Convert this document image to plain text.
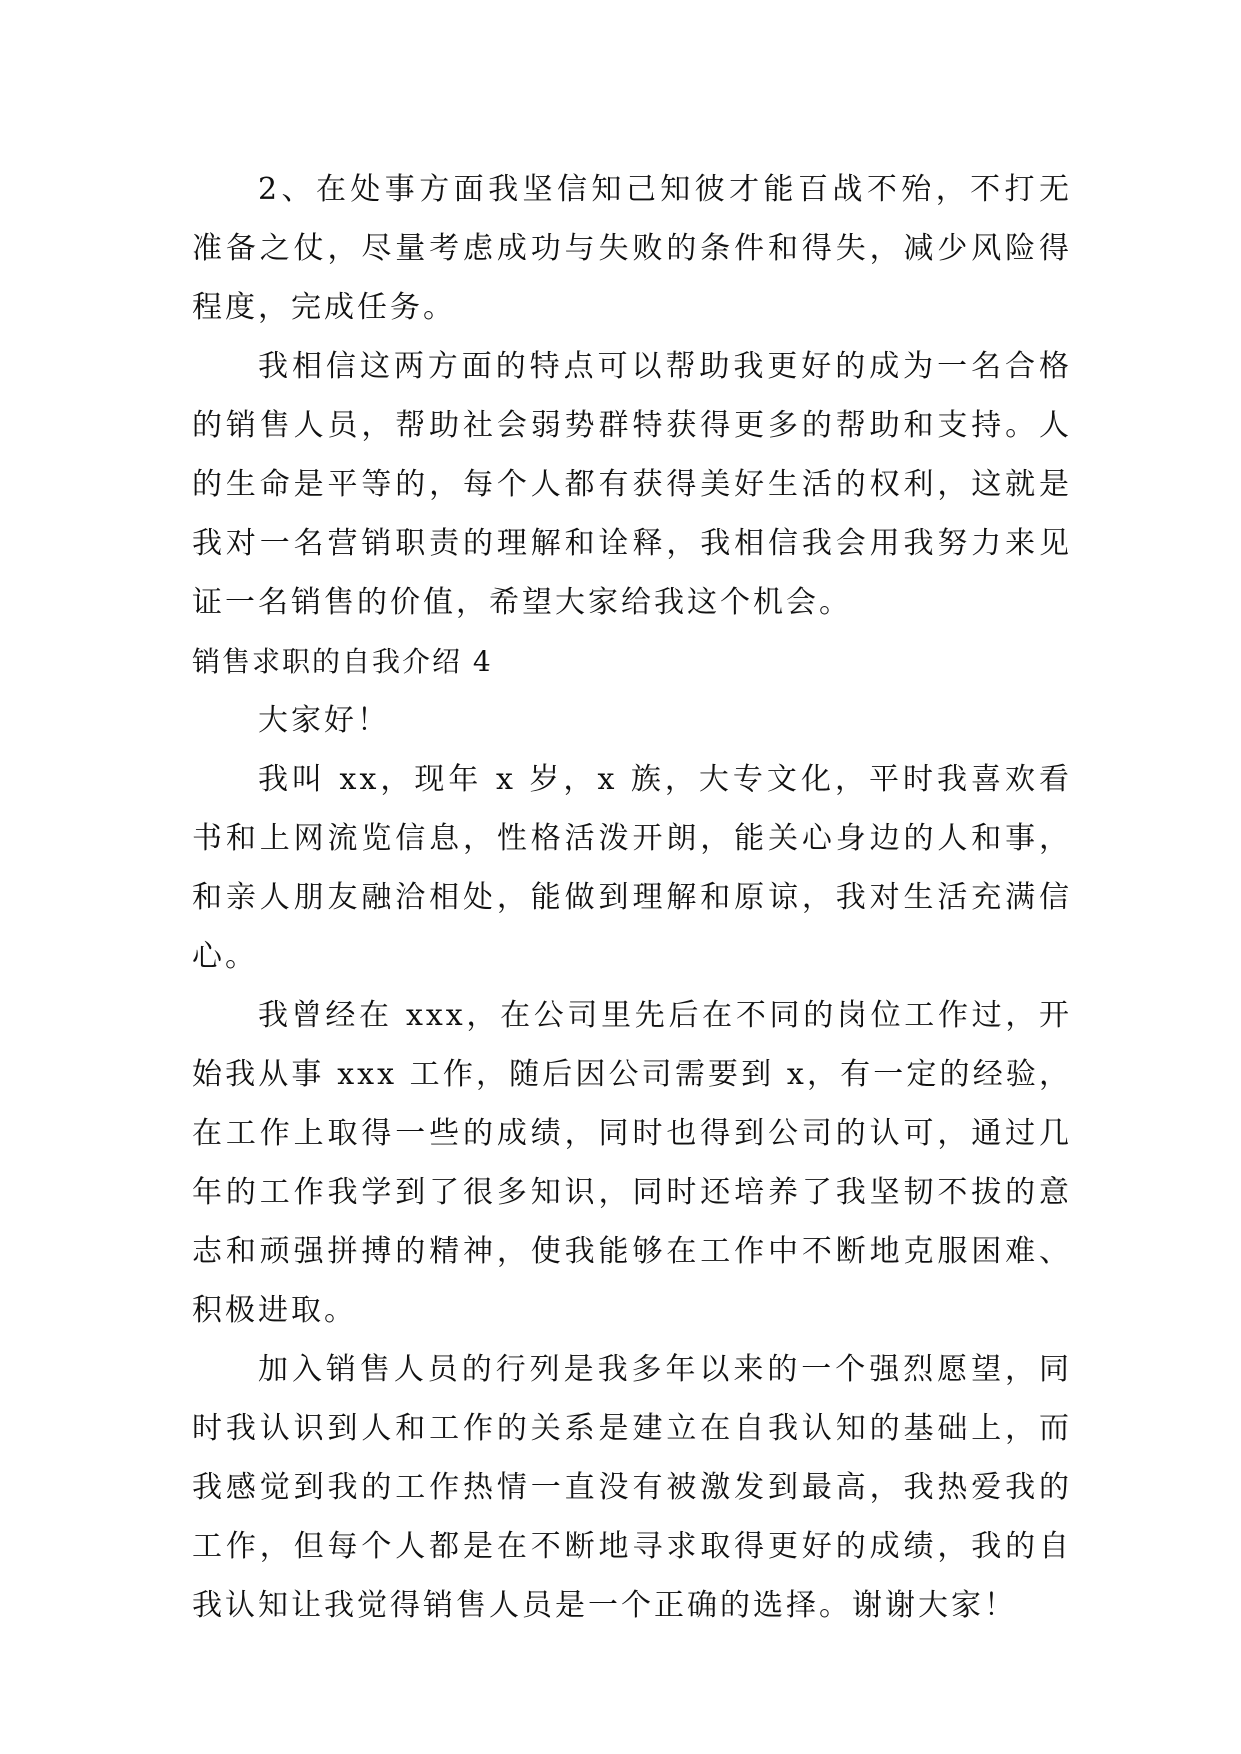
2、在处事方面我坚信知己知彼才能百战不殆，不打无准备之仗，尽量考虑成功与失败的条件和得失，减少风险得程度，完成任务。

我相信这两方面的特点可以帮助我更好的成为一名合格的销售人员，帮助社会弱势群特获得更多的帮助和支持。人的生命是平等的，每个人都有获得美好生活的权利，这就是我对一名营销职责的理解和诠释，我相信我会用我努力来见证一名销售的价值，希望大家给我这个机会。

销售求职的自我介绍 4

大家好！

我叫 xx，现年 x 岁，x 族，大专文化，平时我喜欢看书和上网流览信息，性格活泼开朗，能关心身边的人和事，和亲人朋友融洽相处，能做到理解和原谅，我对生活充满信心。

我曾经在 xxx，在公司里先后在不同的岗位工作过，开始我从事 xxx 工作，随后因公司需要到 x，有一定的经验，在工作上取得一些的成绩，同时也得到公司的认可，通过几年的工作我学到了很多知识，同时还培养了我坚韧不拔的意志和顽强拼搏的精神，使我能够在工作中不断地克服困难、积极进取。

加入销售人员的行列是我多年以来的一个强烈愿望，同时我认识到人和工作的关系是建立在自我认知的基础上，而我感觉到我的工作热情一直没有被激发到最高，我热爱我的工作，但每个人都是在不断地寻求取得更好的成绩，我的自我认知让我觉得销售人员是一个正确的选择。谢谢大家！
